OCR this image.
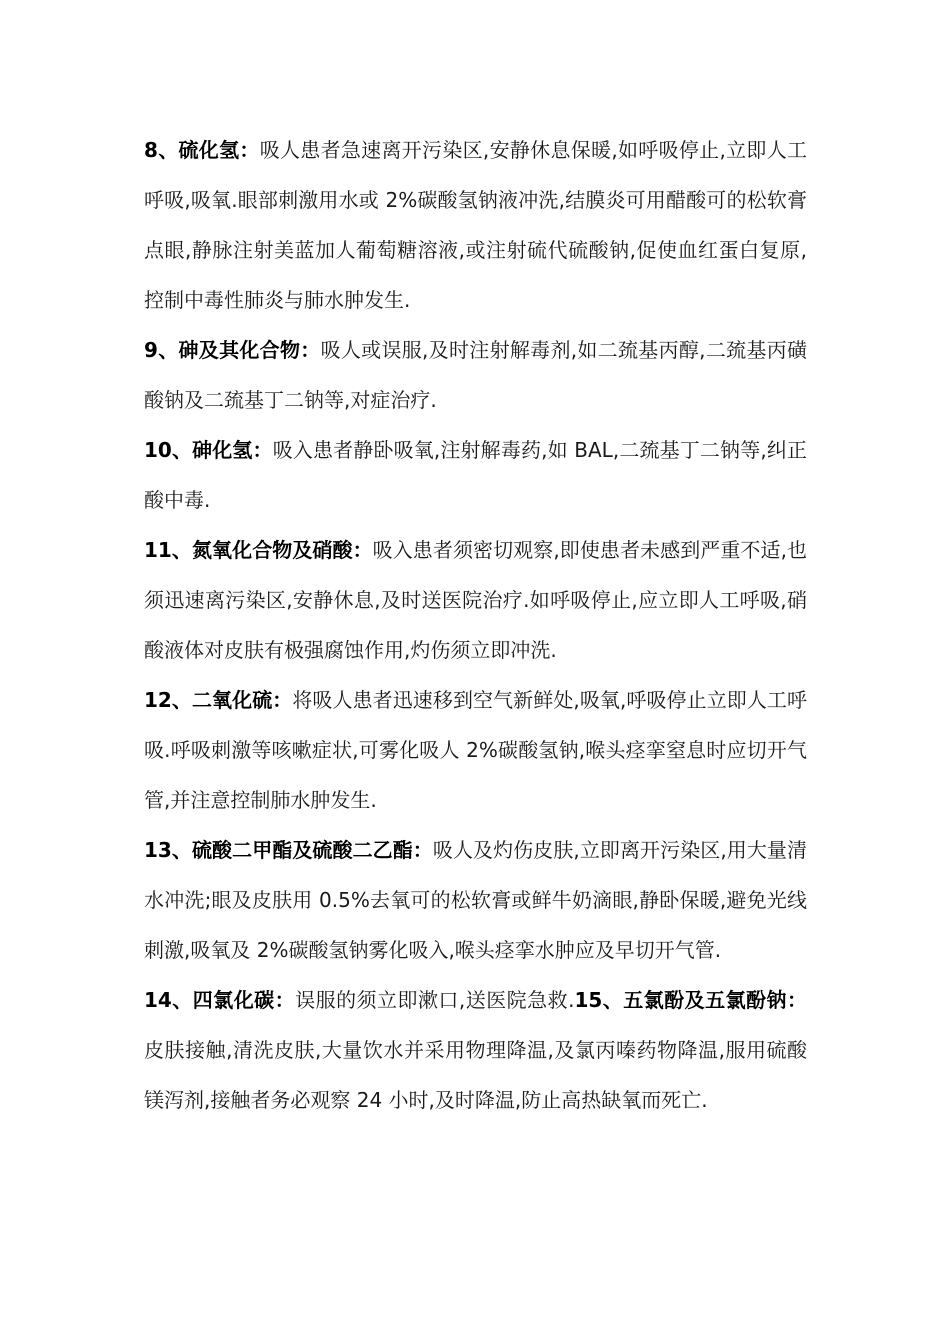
8、硫化氢：吸人患者急速离开污染区,安静休息保暖,如呼吸停止,立即人工呼吸,吸氧.眼部刺激用水或 2%碳酸氢钠液冲洗,结膜炎可用醋酸可的松软膏点眼,静脉注射美蓝加人葡萄糖溶液,或注射硫代硫酸钠,促使血红蛋白复原,控制中毒性肺炎与肺水肿发生.

9、砷及其化合物：吸人或误服,及时注射解毒剂,如二巯基丙醇,二巯基丙磺酸钠及二巯基丁二钠等,对症治疗.

10、砷化氢：吸入患者静卧吸氧,注射解毒药,如 BAL,二巯基丁二钠等,纠正酸中毒.

11、氮氧化合物及硝酸：吸入患者须密切观察,即使患者未感到严重不适,也须迅速离污染区,安静休息,及时送医院治疗.如呼吸停止,应立即人工呼吸,硝酸液体对皮肤有极强腐蚀作用,灼伤须立即冲洗.

12、二氧化硫：将吸人患者迅速移到空气新鲜处,吸氧,呼吸停止立即人工呼吸.呼吸刺激等咳嗽症状,可雾化吸人 2%碳酸氢钠,喉头痉挛窒息时应切开气管,并注意控制肺水肿发生.

13、硫酸二甲酯及硫酸二乙酯：吸人及灼伤皮肤,立即离开污染区,用大量清水冲洗;眼及皮肤用 0.5%去氧可的松软膏或鲜牛奶滴眼,静卧保暖,避免光线刺激,吸氧及 2%碳酸氢钠雾化吸入,喉头痉挛水肿应及早切开气管.

14、四氯化碳：误服的须立即漱口,送医院急救.15、五氯酚及五氯酚钠：皮肤接触,清洗皮肤,大量饮水并采用物理降温,及氯丙嗪药物降温,服用硫酸镁泻剂,接触者务必观察 24 小时,及时降温,防止高热缺氧而死亡.
